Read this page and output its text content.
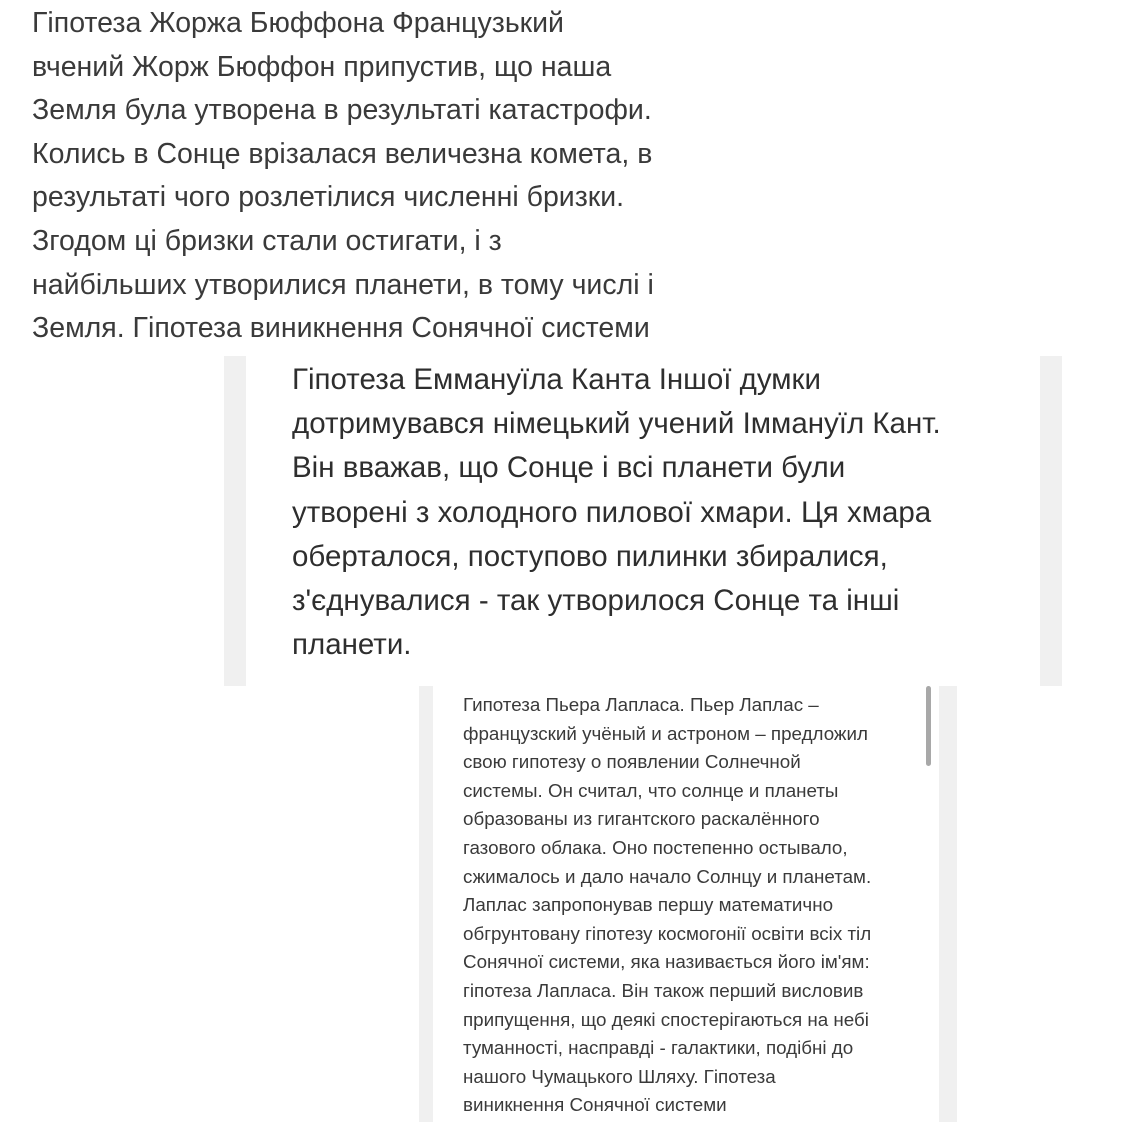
Гіпотеза Жоржа Бюффона Французький

вчений Жорж Бюффон припустив, що наша

Земля була утворена в результаті катастрофи.

Колись в Сонце врізалася величезна комета, в

результаті чого розлетілися численні бризки.

Згодом ці бризки стали остигати, і з

найбільших утворилися планети, в тому числі і

Земля. Гіпотеза виникнення Сонячної системи

Гіпотеза Еммануїла Канта Іншої думки

дотримувався німецький учений Іммануїл Кант.

Він вважав, що Сонце і всі планети були

утворені з холодного пилової хмари. Ця хмара

оберталося, поступово пилинки збиралися,

з'єднувалися - так утворилося Сонце та інші

планети.

Гипотеза Пьера Лапласа. Пьер Лаплас –

французский учёный и астроном – предложил

свою гипотезу о появлении Солнечной

системы. Он считал, что солнце и планеты

образованы из гигантского раскалённого

газового облака. Оно постепенно остывало,

сжималось и дало начало Солнцу и планетам.

Лаплас запропонував першу математично

обгрунтовану гіпотезу космогонії освіти всіх тіл

Сонячної системи, яка називається його ім'ям:

гіпотеза Лапласа. Він також перший висловив

припущення, що деякі спостерігаються на небі

туманності, насправді - галактики, подібні до

нашого Чумацького Шляху. Гіпотеза

виникнення Сонячної системи
